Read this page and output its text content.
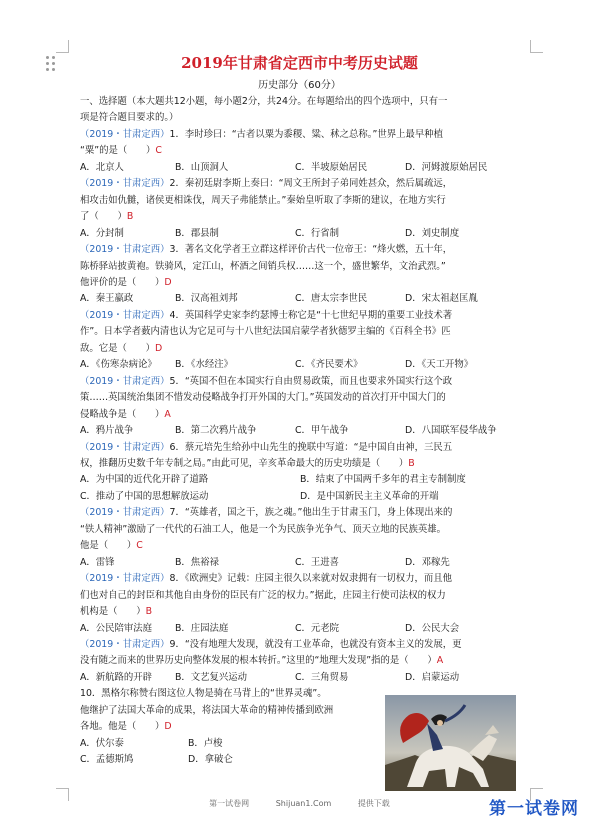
2019年甘肃省定西市中考历史试题
历史部分（60分）
一、选择题（本大题共12小题，每小题2分，共24分。在每题给出的四个选项中，只有一
项是符合题目要求的。）
（2019・甘肃定西）1．李时珍曰：“古者以粟为黍稷、粱、秫之总称。”世界上最早种植
“粟”的是（　　）C
A．北京人	B．山顶洞人	C．半坡原始居民	D．河姆渡原始居民
（2019・甘肃定西）2．秦初廷尉李斯上奏曰：“周文王所封子弟同姓甚众，然后属疏远，
相攻击如仇雠，诸侯更相诛伐，周天子弗能禁止。”秦始皇听取了李斯的建议，在地方实行
了（　　）B
A．分封制	B．郡县制	C．行省制	D．刘史制度
（2019・甘肃定西）3．著名文化学者王立群这样评价古代一位帝王：“烽火燃，五十年，
陈桥驿站披黄袍。铁骑风，定江山，杯酒之间销兵权……这一个，盛世繁华，文治武烈。”
他评价的是（　　）D
A．秦王嬴政	B．汉高祖刘邦	C．唐太宗李世民	D．宋太祖赵匡胤
（2019・甘肃定西）4．英国科学史家李约瑟博士称它是“十七世纪早期的重要工业技术著
作”。日本学者薮内清也认为它足可与十八世纪法国启蒙学者狄德罗主编的《百科全书》匹
敌。它是（　　）D
A．《伤寒杂病论》	B．《水经注》	C．《齐民要术》	D．《天工开物》
（2019・甘肃定西）5．“英国不但在本国实行自由贸易政策，而且也要求外国实行这个政
策……英国统治集团不惜发动侵略战争打开外国的大门。”英国发动的首次打开中国大门的
侵略战争是（　　）A
A．鸦片战争	B．第二次鸦片战争	C．甲午战争	D．八国联军侵华战争
（2019・甘肃定西）6．蔡元培先生给孙中山先生的挽联中写道：“是中国自由神，三民五
权，推翻历史数千年专制之局。”由此可见，辛亥革命最大的历史功绩是（　　）B
A．为中国的近代化开辟了道路	B．结束了中国两千多年的君主专制制度
C．推动了中国的思想解放运动	D．是中国新民主主义革命的开端
（2019・甘肃定西）7．“英雄者，国之干，族之魂。”他出生于甘肃玉门，身上体现出来的
“铁人精神”激励了一代代的石油工人，他是一个为民族争光争气、顶天立地的民族英雄。
他是（　　）C
A．雷锋	B．焦裕禄	C．王进喜	D．邓稼先
（2019・甘肃定西）8．《欧洲史》记载：庄园主很久以来就对奴隶拥有一切权力，而且他
们也对自己的封臣和其他自由身份的臣民有广泛的权力。”据此，庄园主行使司法权的权力
机构是（　　）B
A．公民陪审法庭	B．庄园法庭	C．元老院	D．公民大会
（2019・甘肃定西）9．“没有地理大发现，就没有工业革命，也就没有资本主义的发展，更
没有随之而来的世界历史向整体发展的根本转折。”这里的“地理大发现”指的是（　　）A
A．新航路的开辟	B．文艺复兴运动	C．三角贸易	D．启蒙运动
10．黑格尔称赞右图这位人物是骑在马背上的“世界灵魂”。
他继护了法国大革命的成果，将法国大革命的精神传播到欧洲
各地。他是（　　）D
A．伏尔泰	B．卢梭
C．孟德斯鸠	D．拿破仑
第一试卷网	Shijuan1.Com	提供下载	第一试卷网
